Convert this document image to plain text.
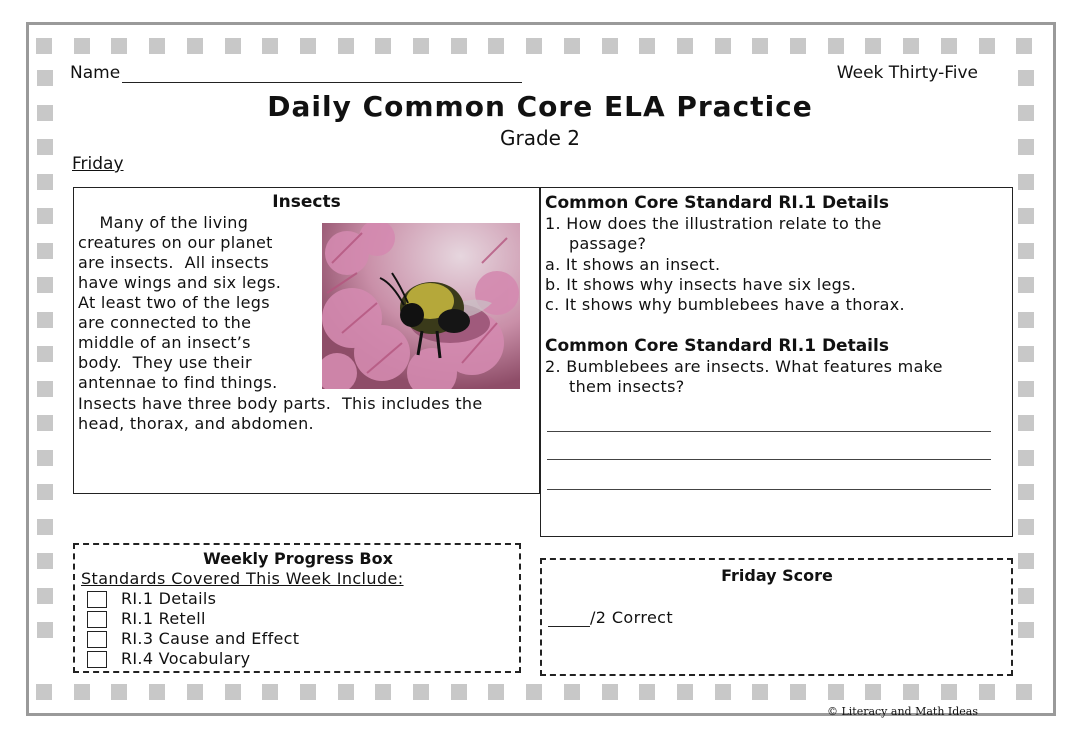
Name	Week Thirty-Five
Daily Common Core ELA Practice
Grade 2
Friday
Insects
Many of the living
creatures on our planet
are insects.  All insects
have wings and six legs.
At least two of the legs
are connected to the
middle of an insect’s
body.  They use their
antennae to find things.
Insects have three body parts.  This includes the
head, thorax, and abdomen.
Common Core Standard RI.1 Details
1. How does the illustration relate to the
passage?
a. It shows an insect.
b. It shows why insects have six legs.
c. It shows why bumblebees have a thorax.
Common Core Standard RI.1 Details
2. Bumblebees are insects. What features make
them insects?
Weekly Progress Box
Standards Covered This Week Include:
RI.1 Details
RI.1 Retell
RI.3 Cause and Effect
RI.4 Vocabulary
Friday Score
/2 Correct
© Literacy and Math Ideas
